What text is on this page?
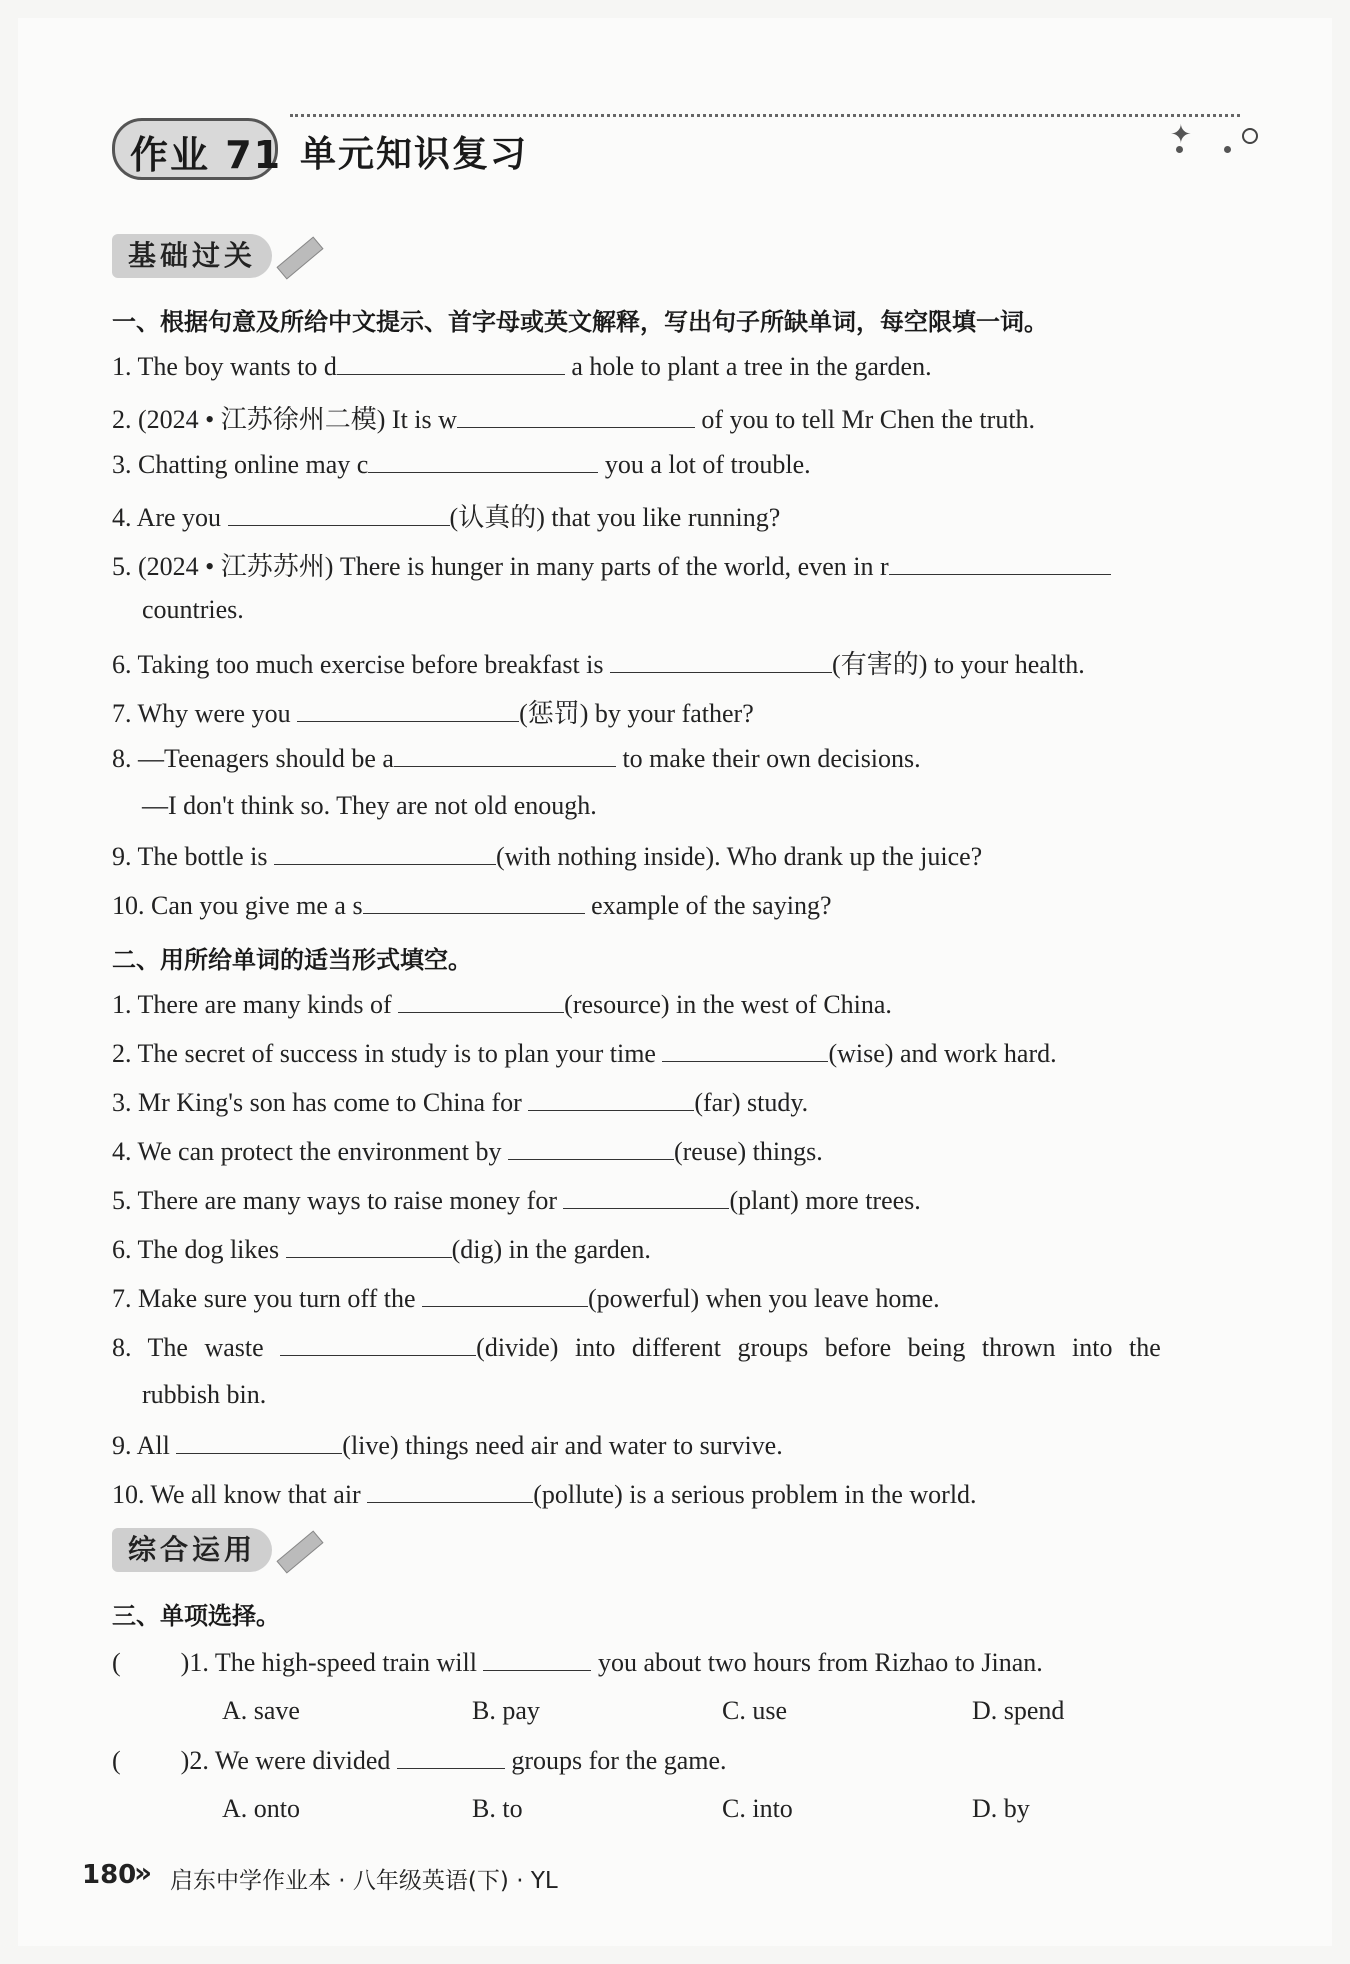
✦
作业 71 单元知识复习
基础过关
一、根据句意及所给中文提示、首字母或英文解释，写出句子所缺单词，每空限填一词。
1. The boy wants to d	a hole to plant a tree in the garden.
2. (2024 • 江苏徐州二模) It is w	of you to tell Mr Chen the truth.
3. Chatting online may c	you a lot of trouble.
4. Are you	(认真的) that you like running?
5. (2024 • 江苏苏州) There is hunger in many parts of the world, even in r
countries.
6. Taking too much exercise before breakfast is	(有害的) to your health.
7. Why were you	(惩罚) by your father?
8. —Teenagers should be a	to make their own decisions.
—I don't think so. They are not old enough.
9. The bottle is	(with nothing inside). Who drank up the juice?
10. Can you give me a s	example of the saying?
二、用所给单词的适当形式填空。
1. There are many kinds of	(resource) in the west of China.
2. The secret of success in study is to plan your time	(wise) and work hard.
3. Mr King's son has come to China for	(far) study.
4. We can protect the environment by	(reuse) things.
5. There are many ways to raise money for	(plant) more trees.
6. The dog likes	(dig) in the garden.
7. Make sure you turn off the	(powerful) when you leave home.
8. The waste	(divide) into different groups before being thrown into the
rubbish bin.
9. All	(live) things need air and water to survive.
10. We all know that air	(pollute) is a serious problem in the world.
综合运用
三、单项选择。
( )1. The high-speed train will	you about two hours from Rizhao to Jinan.
A. save	B. pay	C. use	D. spend
( )2. We were divided	groups for the game.
A. onto	B. to	C. into	D. by
180
» 启东中学作业本 · 八年级英语(下) · YL
